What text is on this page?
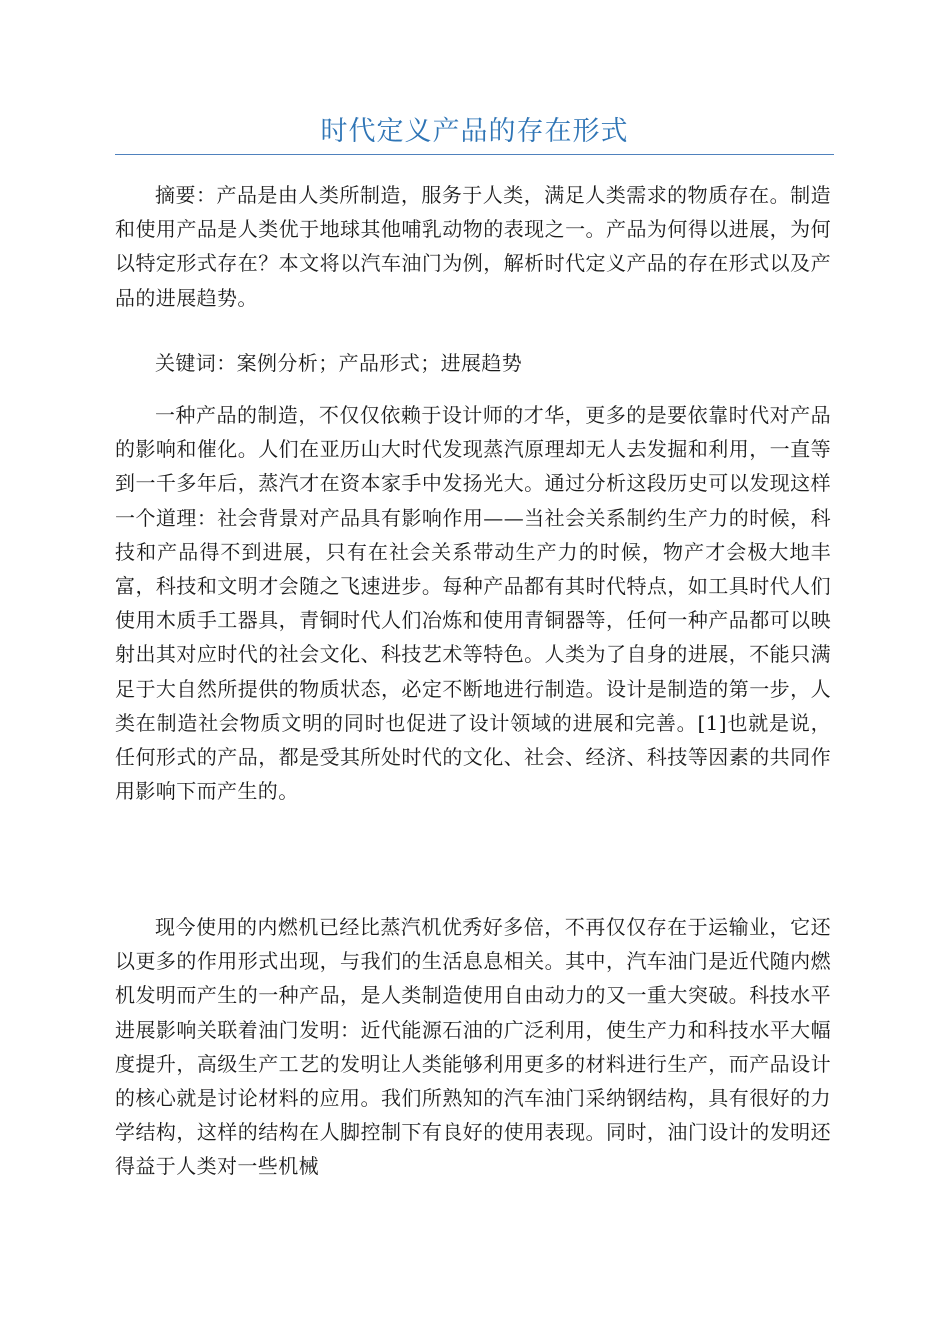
时代定义产品的存在形式

摘要：产品是由人类所制造，服务于人类，满足人类需求的物质存在。制造和使用产品是人类优于地球其他哺乳动物的表现之一。产品为何得以进展，为何以特定形式存在？本文将以汽车油门为例，解析时代定义产品的存在形式以及产品的进展趋势。

关键词：案例分析；产品形式；进展趋势

一种产品的制造，不仅仅依赖于设计师的才华，更多的是要依靠时代对产品的影响和催化。人们在亚历山大时代发现蒸汽原理却无人去发掘和利用，一直等到一千多年后，蒸汽才在资本家手中发扬光大。通过分析这段历史可以发现这样一个道理：社会背景对产品具有影响作用——当社会关系制约生产力的时候，科技和产品得不到进展，只有在社会关系带动生产力的时候，物产才会极大地丰富，科技和文明才会随之飞速进步。每种产品都有其时代特点，如工具时代人们使用木质手工器具，青铜时代人们冶炼和使用青铜器等，任何一种产品都可以映射出其对应时代的社会文化、科技艺术等特色。人类为了自身的进展，不能只满足于大自然所提供的物质状态，必定不断地进行制造。设计是制造的第一步，人类在制造社会物质文明的同时也促进了设计领域的进展和完善。[1]也就是说，任何形式的产品，都是受其所处时代的文化、社会、经济、科技等因素的共同作用影响下而产生的。

现今使用的内燃机已经比蒸汽机优秀好多倍，不再仅仅存在于运输业，它还以更多的作用形式出现，与我们的生活息息相关。其中，汽车油门是近代随内燃机发明而产生的一种产品，是人类制造使用自由动力的又一重大突破。科技水平进展影响关联着油门发明：近代能源石油的广泛利用，使生产力和科技水平大幅度提升，高级生产工艺的发明让人类能够利用更多的材料进行生产，而产品设计的核心就是讨论材料的应用。我们所熟知的汽车油门采纳钢结构，具有很好的力学结构，这样的结构在人脚控制下有良好的使用表现。同时，油门设计的发明还得益于人类对一些机械
